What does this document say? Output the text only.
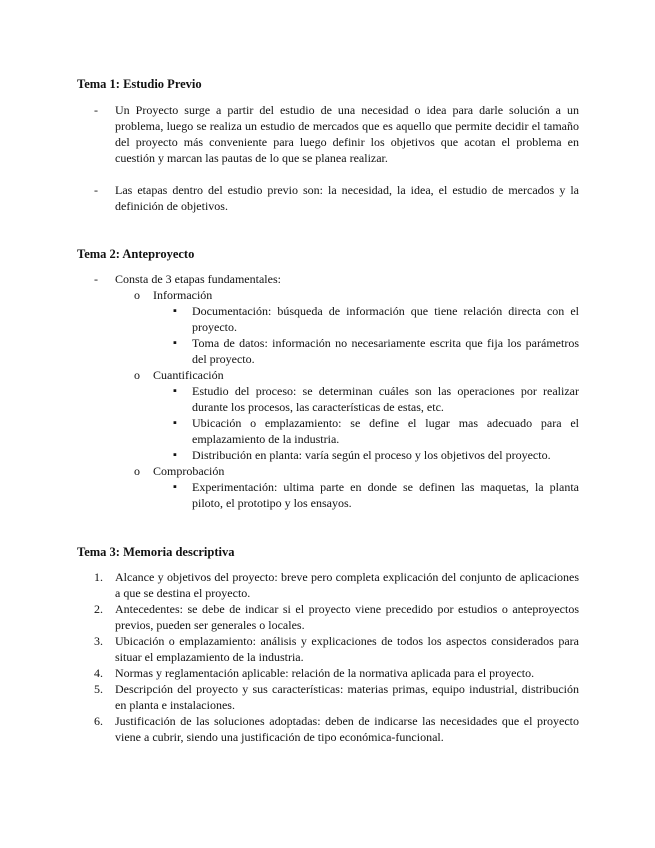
Tema 1: Estudio Previo

- Un Proyecto surge a partir del estudio de una necesidad o idea para darle solución a un problema, luego se realiza un estudio de mercados que es aquello que permite decidir el tamaño del proyecto más conveniente para luego definir los objetivos que acotan el problema en cuestión y marcan las pautas de lo que se planea realizar.
- Las etapas dentro del estudio previo son: la necesidad, la idea, el estudio de mercados y la definición de objetivos.

Tema 2: Anteproyecto

- Consta de 3 etapas fundamentales:
o Información
▪ Documentación: búsqueda de información que tiene relación directa con el proyecto.
▪ Toma de datos: información no necesariamente escrita que fija los parámetros del proyecto.
o Cuantificación
▪ Estudio del proceso: se determinan cuáles son las operaciones por realizar durante los procesos, las características de estas, etc.
▪ Ubicación o emplazamiento: se define el lugar mas adecuado para el emplazamiento de la industria.
▪ Distribución en planta: varía según el proceso y los objetivos del proyecto.
o Comprobación
▪ Experimentación: ultima parte en donde se definen las maquetas, la planta piloto, el prototipo y los ensayos.

Tema 3: Memoria descriptiva

1. Alcance y objetivos del proyecto: breve pero completa explicación del conjunto de aplicaciones a que se destina el proyecto.
2. Antecedentes: se debe de indicar si el proyecto viene precedido por estudios o anteproyectos previos, pueden ser generales o locales.
3. Ubicación o emplazamiento: análisis y explicaciones de todos los aspectos considerados para situar el emplazamiento de la industria.
4. Normas y reglamentación aplicable: relación de la normativa aplicada para el proyecto.
5. Descripción del proyecto y sus características: materias primas, equipo industrial, distribución en planta e instalaciones.
6. Justificación de las soluciones adoptadas: deben de indicarse las necesidades que el proyecto viene a cubrir, siendo una justificación de tipo económica-funcional.
